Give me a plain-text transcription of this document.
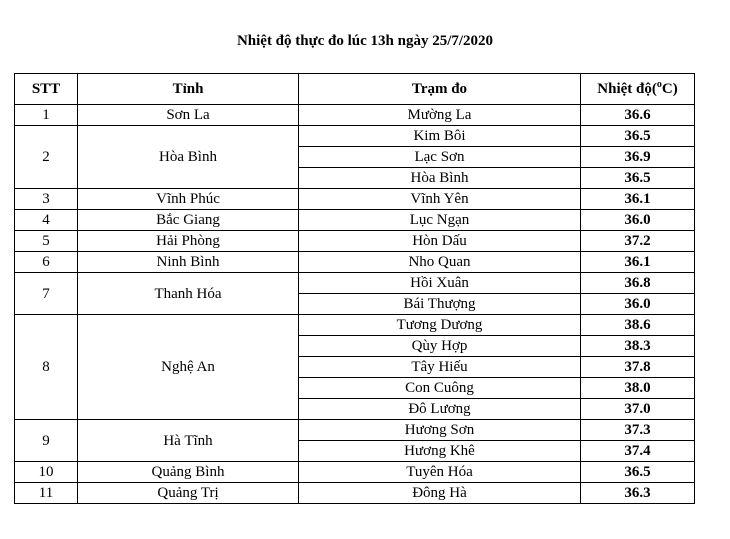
Nhiệt độ thực đo lúc 13h ngày 25/7/2020
STT	Tỉnh	Trạm đo	Nhiệt độ($^o$C)
1	Sơn La	Mường La	36.6
2	Hòa Bình	Kim Bôi	36.5
		Lạc Sơn	36.9
		Hòa Bình	36.5
3	Vĩnh Phúc	Vĩnh Yên	36.1
4	Bắc Giang	Lục Ngạn	36.0
5	Hải Phòng	Hòn Dấu	37.2
6	Ninh Bình	Nho Quan	36.1
7	Thanh Hóa	Hồi Xuân	36.8
		Bái Thượng	36.0
8	Nghệ An	Tương Dương	38.6
		Qùy Hợp	38.3
		Tây Hiếu	37.8
		Con Cuông	38.0
		Đô Lương	37.0
9	Hà Tĩnh	Hương Sơn	37.3
		Hương Khê	37.4
10	Quảng Bình	Tuyên Hóa	36.5
11	Quảng Trị	Đông Hà	36.3
